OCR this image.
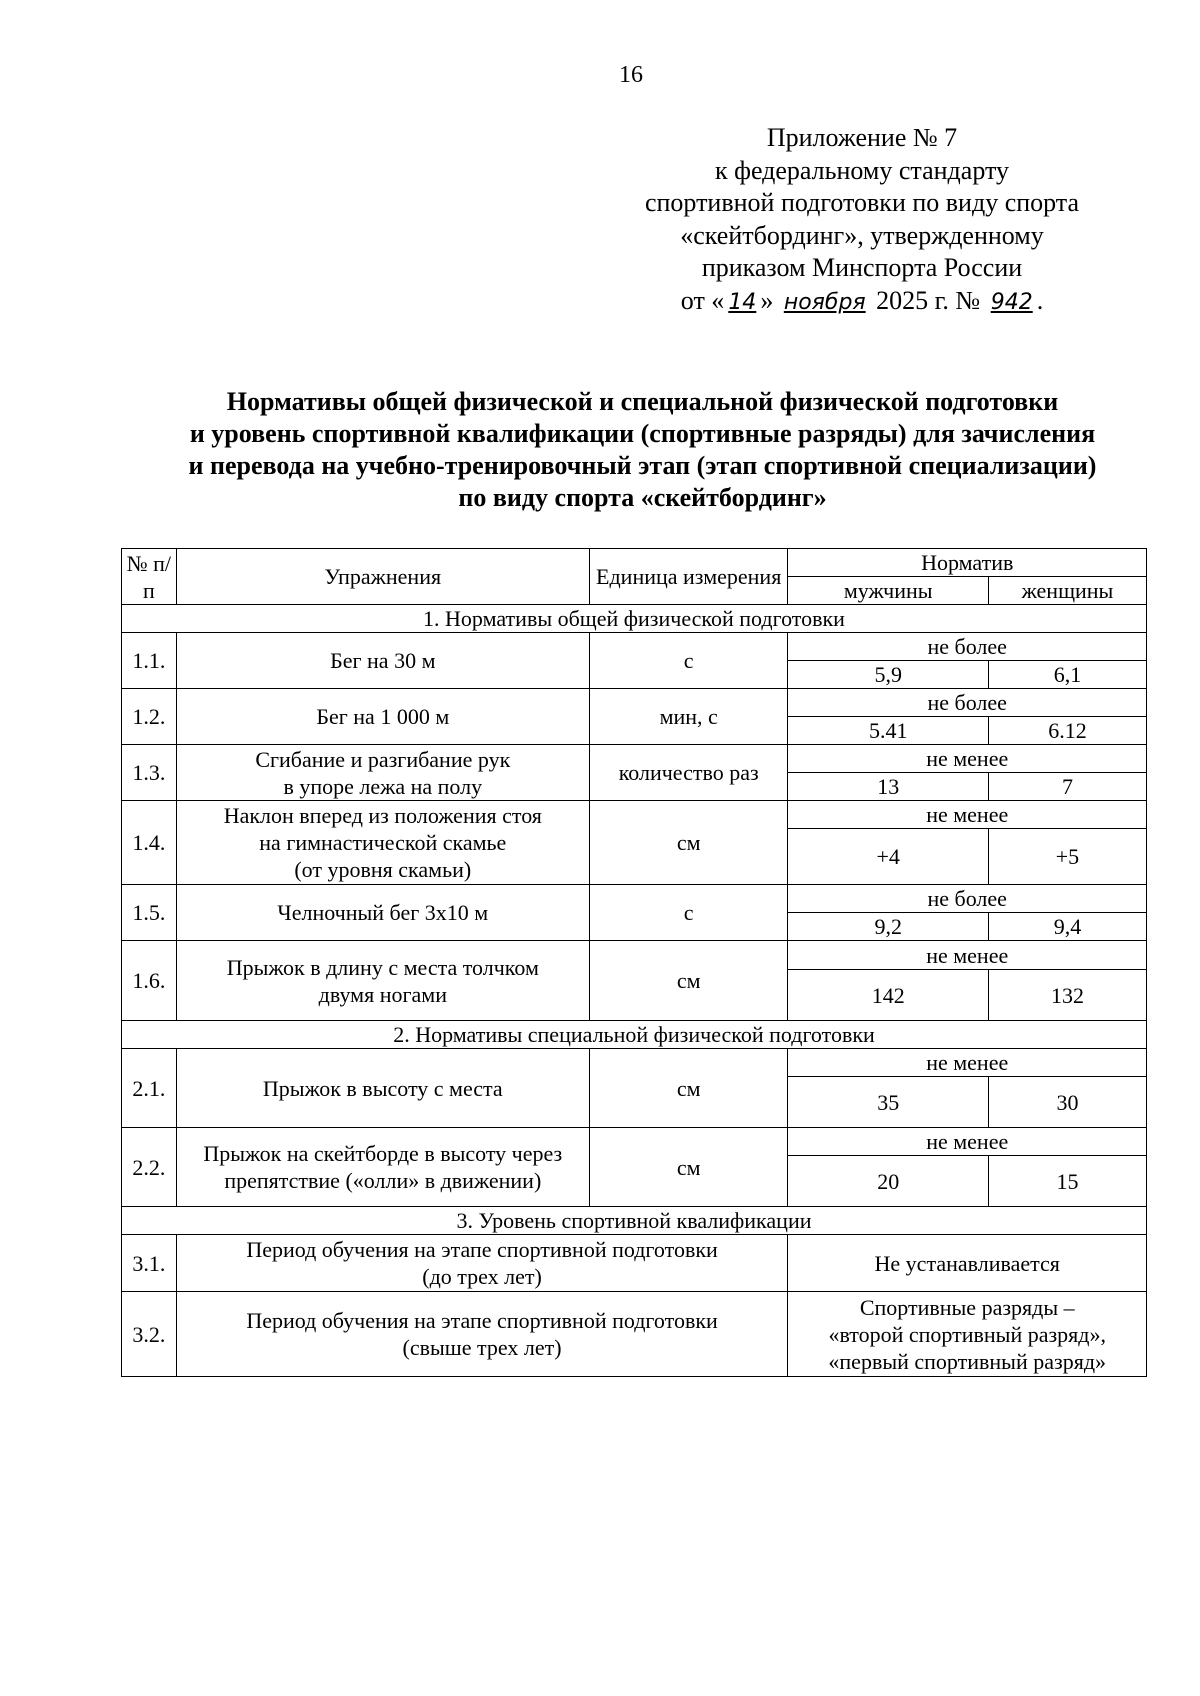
16
Приложение № 7
к федеральному стандарту
спортивной подготовки по виду спорта
«скейтбординг», утвержденному
приказом Минспорта России
от « 14 » ноября 2025 г. № 942 .
Нормативы общей физической и специальной физической подготовки
и уровень спортивной квалификации (спортивные разряды) для зачисления
и перевода на учебно-тренировочный этап (этап спортивной специализации)
по виду спорта «скейтбординг»
№ п/п	Упражнения	Единица измерения	Норматив	
			мужчины	женщины
1. Нормативы общей физической подготовки				
1.1.	Бег на 30 м	с	не более	
			5,9	6,1
1.2.	Бег на 1 000 м	мин, с	не более	
			5.41	6.12
1.3.	Сгибание и разгибание рук
в упоре лежа на полу	количество раз	не менее	
			13	7
1.4.	Наклон вперед из положения стоя
на гимнастической скамье
(от уровня скамьи)	см	не менее	
			+4	+5
1.5.	Челночный бег 3х10 м	с	не более	
			9,2	9,4
1.6.	Прыжок в длину с места толчком
двумя ногами	см	не менее	
			142	132
2. Нормативы специальной физической подготовки				
2.1.	Прыжок в высоту с места	см	не менее	
			35	30
2.2.	Прыжок на скейтборде в высоту через
препятствие («олли» в движении)	см	не менее	
			20	15
3. Уровень спортивной квалификации				
3.1.	Период обучения на этапе спортивной подготовки
(до трех лет)		Не устанавливается	

3.2.	Период обучения на этапе спортивной подготовки
(свыше трех лет)		Спортивные разряды –
«второй спортивный разряд»,
«первый спортивный разряд»	
